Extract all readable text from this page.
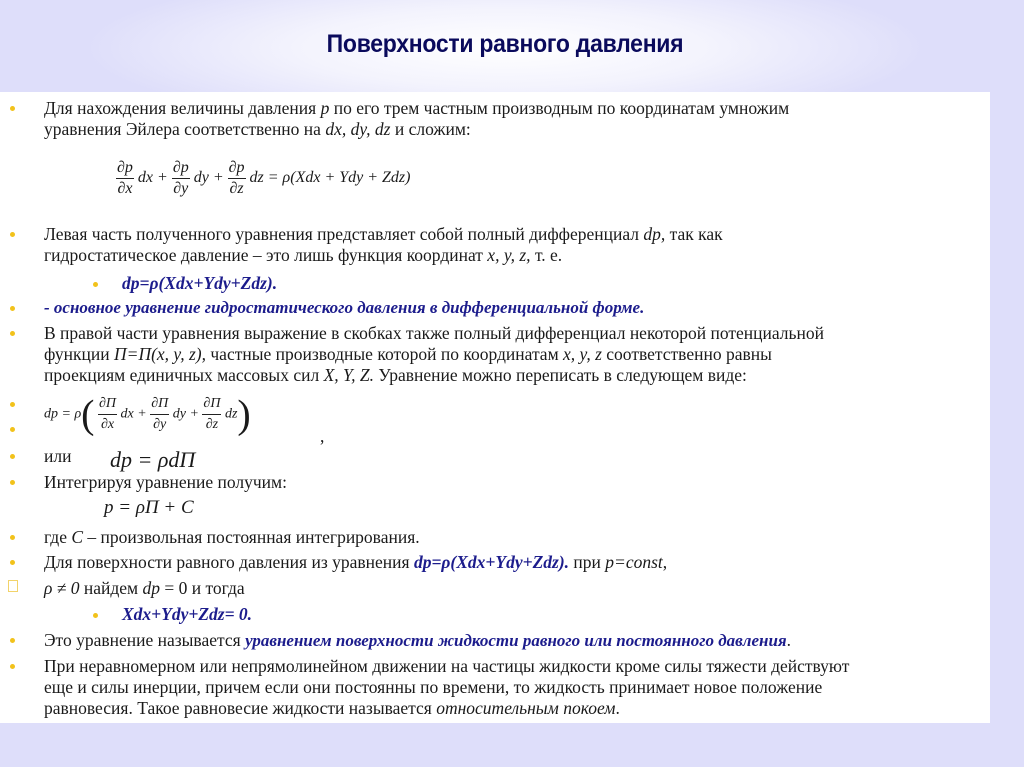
Поверхности равного давления
Для нахождения величины давления p по его трем частным производным по координатам умножим
уравнения Эйлера соответственно на dx, dy, dz и сложим:
$\frac{\partial p}{\partial x}$ dx + $\frac{\partial p}{\partial y}$ dy + $\frac{\partial p}{\partial z}$ dz = ρ(Xdx + Ydy + Zdz)
Левая часть полученного уравнения представляет собой полный дифференциал dp, так как
гидростатическое давление – это лишь функция координат x, y, z, т. е.
dp=ρ(Xdx+Ydy+Zdz).
- основное уравнение гидростатического давления в дифференциальной форме.
В правой части уравнения выражение в скобках также полный дифференциал некоторой потенциальной
функции П=П(x, y, z), частные производные которой по координатам x, y, z соответственно равны
проекциям единичных массовых сил X, Y, Z. Уравнение можно переписать в следующем виде:
dp = $\rho( \frac{\partial П}{\partial x}$ dx + $\frac{\partial П}{\partial y}$ dy + $\frac{\partial П}{\partial z} dz$)	,
или dp = ρdП
Интегрируя уравнение получим:
p = ρП + C
где C – произвольная постоянная интегрирования.
Для поверхности равного давления из уравнения dp=ρ(Xdx+Ydy+Zdz). при p=const,
ρ ≠ 0 найдем dp = 0 и тогда
Xdx+Ydy+Zdz= 0.
Это уравнение называется уравнением поверхности жидкости равного или постоянного давления.
При неравномерном или непрямолинейном движении на частицы жидкости кроме силы тяжести действуют
еще и силы инерции, причем если они постоянны по времени, то жидкость принимает новое положение
равновесия. Такое равновесие жидкости называется относительным покоем.
